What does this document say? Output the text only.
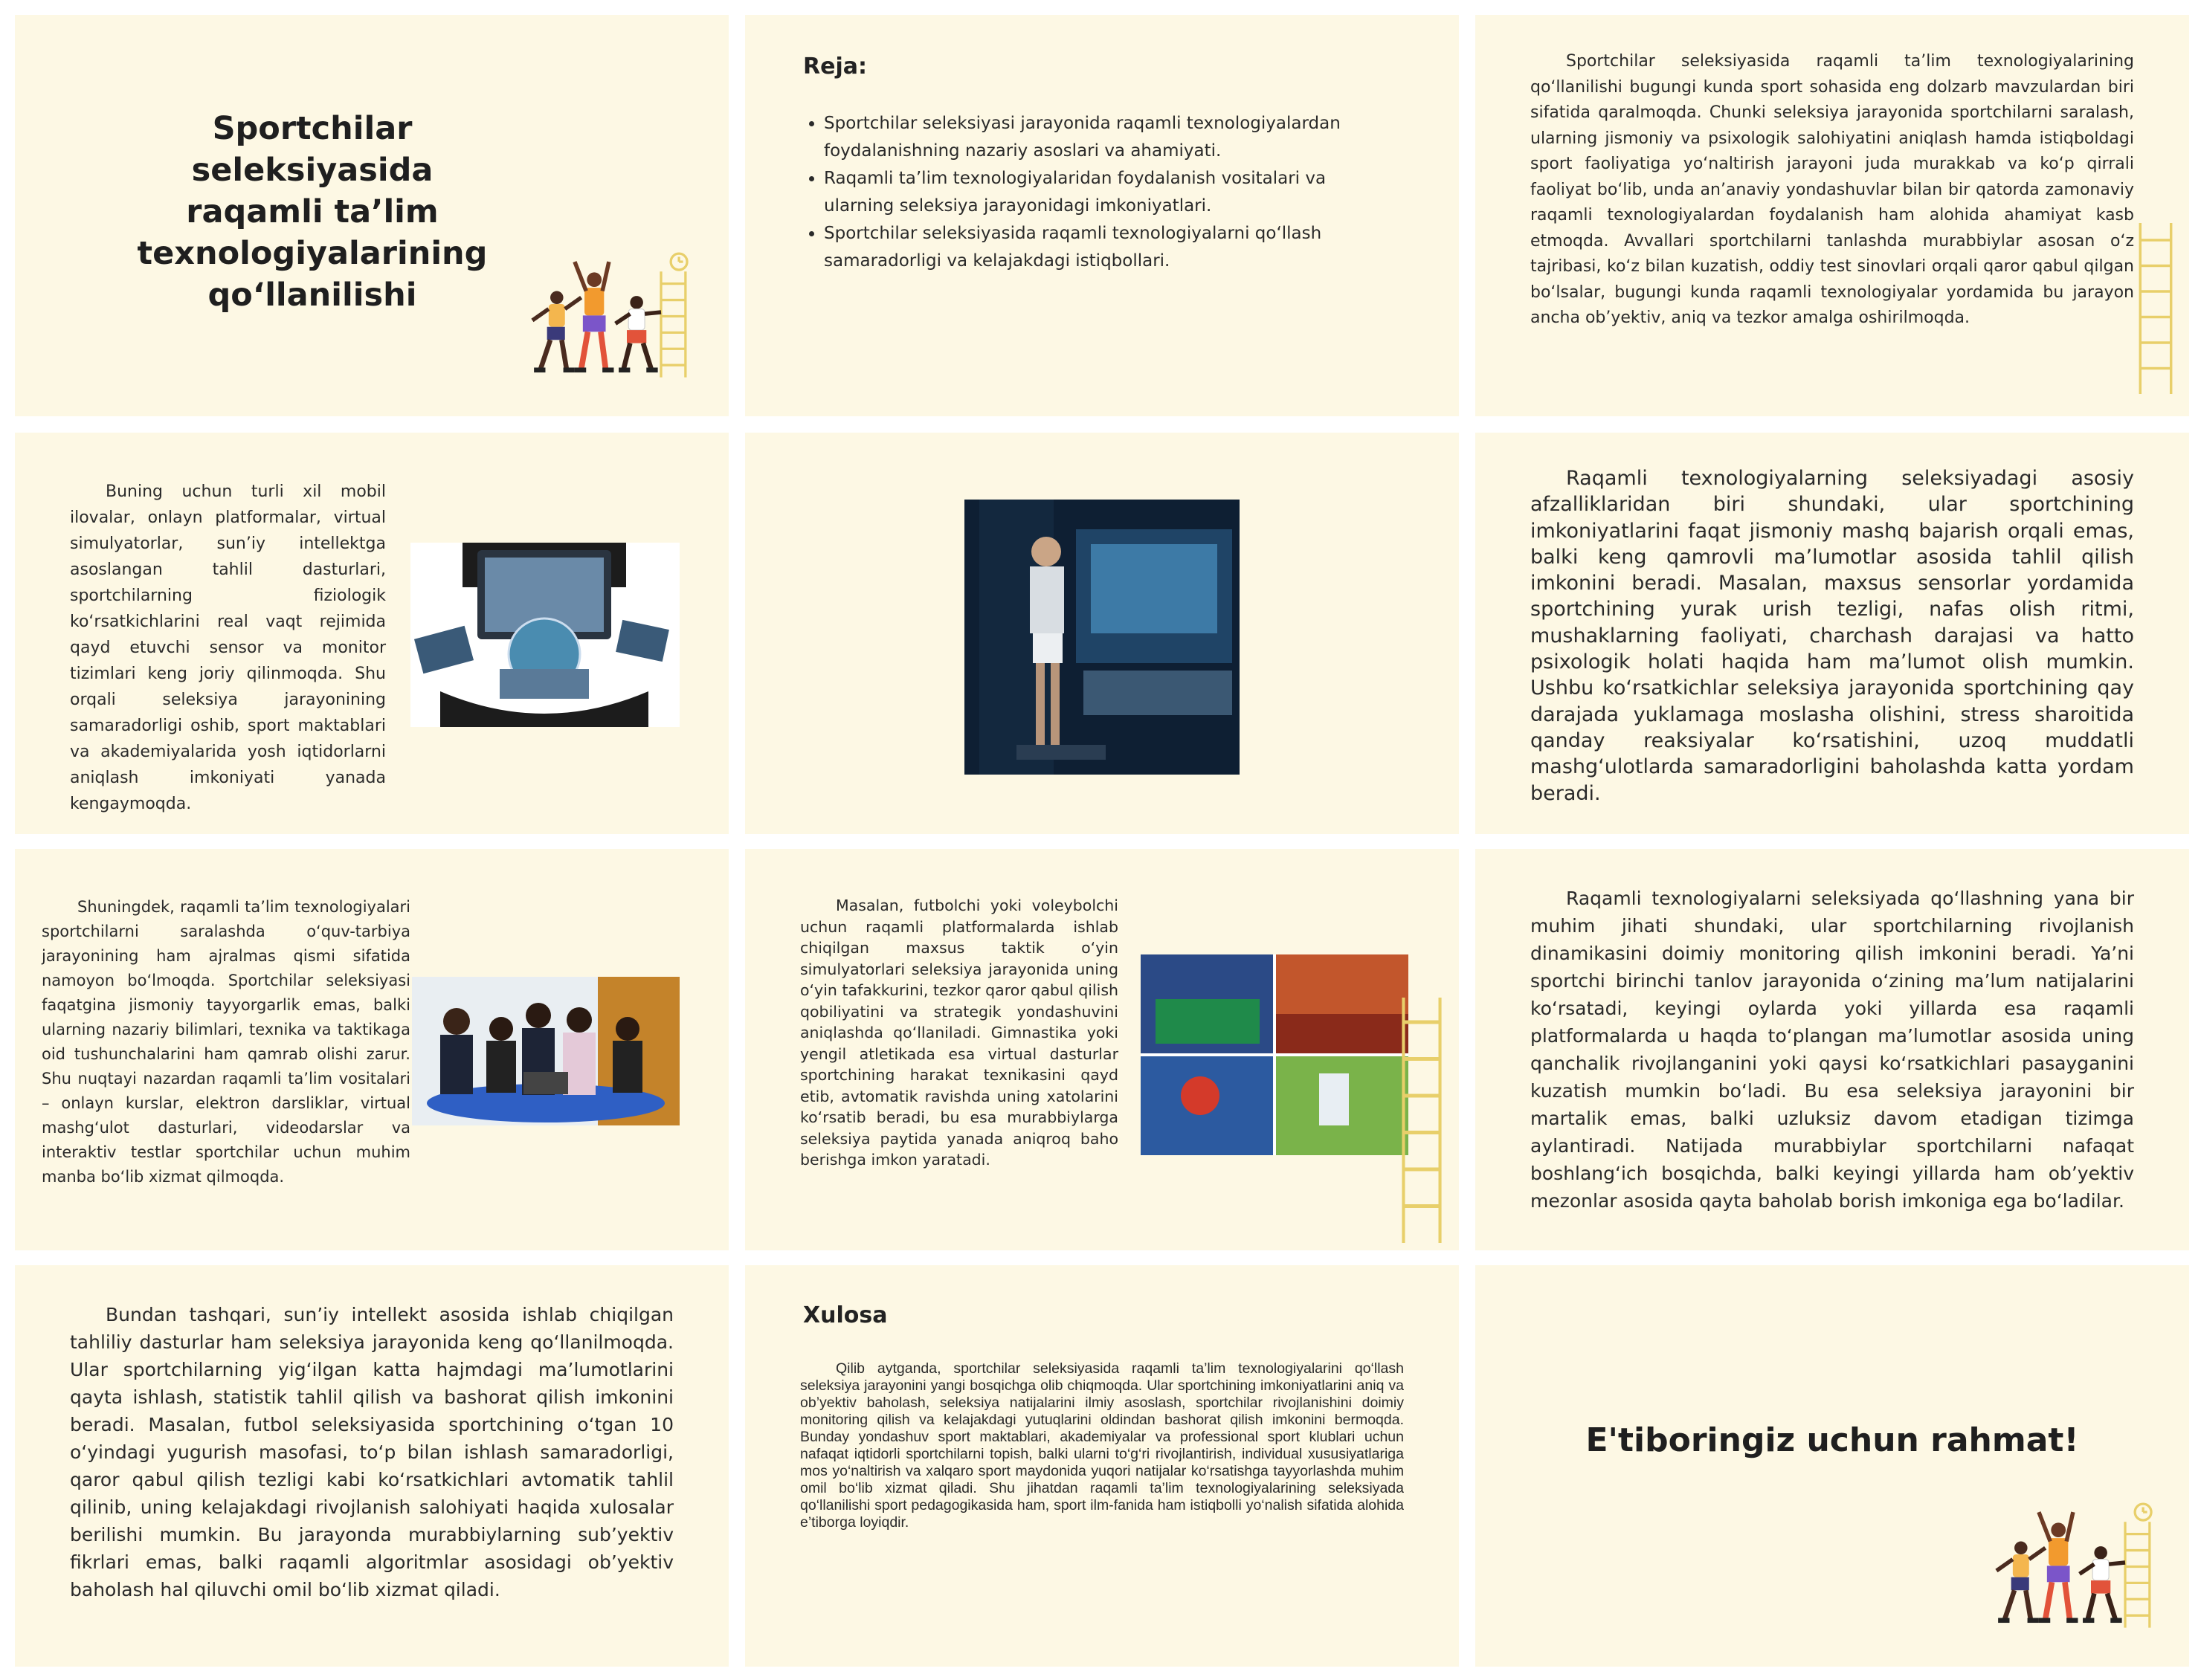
Sportchilar seleksiyasida raqamli ta’lim texnologiyalarining qo‘llanilishi
Reja:
• Sportchilar seleksiyasi jarayonida raqamli texnologiyalardan foydalanishning nazariy asoslari va ahamiyati.
• Raqamli ta’lim texnologiyalaridan foydalanish vositalari va ularning seleksiya jarayonidagi imkoniyatlari.
• Sportchilar seleksiyasida raqamli texnologiyalarni qo‘llash samaradorligi va kelajakdagi istiqbollari.
Sportchilar seleksiyasida raqamli ta’lim texnologiyalarining qo‘llanilishi bugungi kunda sport sohasida eng dolzarb mavzulardan biri sifatida qaralmoqda. Chunki seleksiya jarayonida sportchilarni saralash, ularning jismoniy va psixologik salohiyatini aniqlash hamda istiqboldagi sport faoliyatiga yo‘naltirish jarayoni juda murakkab va ko‘p qirrali faoliyat bo‘lib, unda an’anaviy yondashuvlar bilan bir qatorda zamonaviy raqamli texnologiyalardan foydalanish ham alohida ahamiyat kasb etmoqda. Avvallari sportchilarni tanlashda murabbiylar asosan o‘z tajribasi, ko‘z bilan kuzatish, oddiy test sinovlari orqali qaror qabul qilgan bo‘lsalar, bugungi kunda raqamli texnologiyalar yordamida bu jarayon ancha ob’yektiv, aniq va tezkor amalga oshirilmoqda.
Buning uchun turli xil mobil ilovalar, onlayn platformalar, virtual simulyatorlar, sun’iy intellektga asoslangan tahlil dasturlari, sportchilarning fiziologik ko‘rsatkichlarini real vaqt rejimida qayd etuvchi sensor va monitor tizimlari keng joriy qilinmoqda. Shu orqali seleksiya jarayonining samaradorligi oshib, sport maktablari va akademiyalarida yosh iqtidorlarni aniqlash imkoniyati yanada kengaymoqda.
Raqamli texnologiyalarning seleksiyadagi asosiy afzalliklaridan biri shundaki, ular sportchining imkoniyatlarini faqat jismoniy mashq bajarish orqali emas, balki keng qamrovli ma’lumotlar asosida tahlil qilish imkonini beradi. Masalan, maxsus sensorlar yordamida sportchining yurak urish tezligi, nafas olish ritmi, mushaklarning faoliyati, charchash darajasi va hatto psixologik holati haqida ham ma’lumot olish mumkin. Ushbu ko‘rsatkichlar seleksiya jarayonida sportchining qay darajada yuklamaga moslasha olishini, stress sharoitida qanday reaksiyalar ko‘rsatishini, uzoq muddatli mashg‘ulotlarda samaradorligini baholashda katta yordam beradi.
Shuningdek, raqamli ta’lim texnologiyalari sportchilarni saralashda o‘quv-tarbiya jarayonining ham ajralmas qismi sifatida namoyon bo‘lmoqda. Sportchilar seleksiyasi faqatgina jismoniy tayyorgarlik emas, balki ularning nazariy bilimlari, texnika va taktikaga oid tushunchalarini ham qamrab olishi zarur. Shu nuqtayi nazardan raqamli ta’lim vositalari – onlayn kurslar, elektron darsliklar, virtual mashg‘ulot dasturlari, videodarslar va interaktiv testlar sportchilar uchun muhim manba bo‘lib xizmat qilmoqda.
Masalan, futbolchi yoki voleybolchi uchun raqamli platformalarda ishlab chiqilgan maxsus taktik o‘yin simulyatorlari seleksiya jarayonida uning o‘yin tafakkurini, tezkor qaror qabul qilish qobiliyatini va strategik yondashuvini aniqlashda qo‘llaniladi. Gimnastika yoki yengil atletikada esa virtual dasturlar sportchining harakat texnikasini qayd etib, avtomatik ravishda uning xatolarini ko‘rsatib beradi, bu esa murabbiylarga seleksiya paytida yanada aniqroq baho berishga imkon yaratadi.
Raqamli texnologiyalarni seleksiyada qo‘llashning yana bir muhim jihati shundaki, ular sportchilarning rivojlanish dinamikasini doimiy monitoring qilish imkonini beradi. Ya’ni sportchi birinchi tanlov jarayonida o‘zining ma’lum natijalarini ko‘rsatadi, keyingi oylarda yoki yillarda esa raqamli platformalarda u haqda to‘plangan ma’lumotlar asosida uning qanchalik rivojlanganini yoki qaysi ko‘rsatkichlari pasayganini kuzatish mumkin bo‘ladi. Bu esa seleksiya jarayonini bir martalik emas, balki uzluksiz davom etadigan tizimga aylantiradi. Natijada murabbiylar sportchilarni nafaqat boshlang‘ich bosqichda, balki keyingi yillarda ham ob’yektiv mezonlar asosida qayta baholab borish imkoniga ega bo‘ladilar.
Bundan tashqari, sun’iy intellekt asosida ishlab chiqilgan tahliliy dasturlar ham seleksiya jarayonida keng qo‘llanilmoqda. Ular sportchilarning yig‘ilgan katta hajmdagi ma’lumotlarini qayta ishlash, statistik tahlil qilish va bashorat qilish imkonini beradi. Masalan, futbol seleksiyasida sportchining o‘tgan 10 o‘yindagi yugurish masofasi, to‘p bilan ishlash samaradorligi, qaror qabul qilish tezligi kabi ko‘rsatkichlari avtomatik tahlil qilinib, uning kelajakdagi rivojlanish salohiyati haqida xulosalar berilishi mumkin. Bu jarayonda murabbiylarning sub’yektiv fikrlari emas, balki raqamli algoritmlar asosidagi ob’yektiv baholash hal qiluvchi omil bo‘lib xizmat qiladi.
Xulosa
Qilib aytganda, sportchilar seleksiyasida raqamli ta’lim texnologiyalarini qo‘llash seleksiya jarayonini yangi bosqichga olib chiqmoqda. Ular sportchining imkoniyatlarini aniq va ob’yektiv baholash, seleksiya natijalarini ilmiy asoslash, sportchilar rivojlanishini doimiy monitoring qilish va kelajakdagi yutuqlarini oldindan bashorat qilish imkonini bermoqda. Bunday yondashuv sport maktablari, akademiyalar va professional sport klublari uchun nafaqat iqtidorli sportchilarni topish, balki ularni to‘g‘ri rivojlantirish, individual xususiyatlariga mos yo‘naltirish va xalqaro sport maydonida yuqori natijalar ko‘rsatishga tayyorlashda muhim omil bo‘lib xizmat qiladi. Shu jihatdan raqamli ta’lim texnologiyalarining seleksiyada qo‘llanilishi sport pedagogikasida ham, sport ilm-fanida ham istiqbolli yo‘nalish sifatida alohida e’tiborga loyiqdir.
E'tiboringiz uchun rahmat!
